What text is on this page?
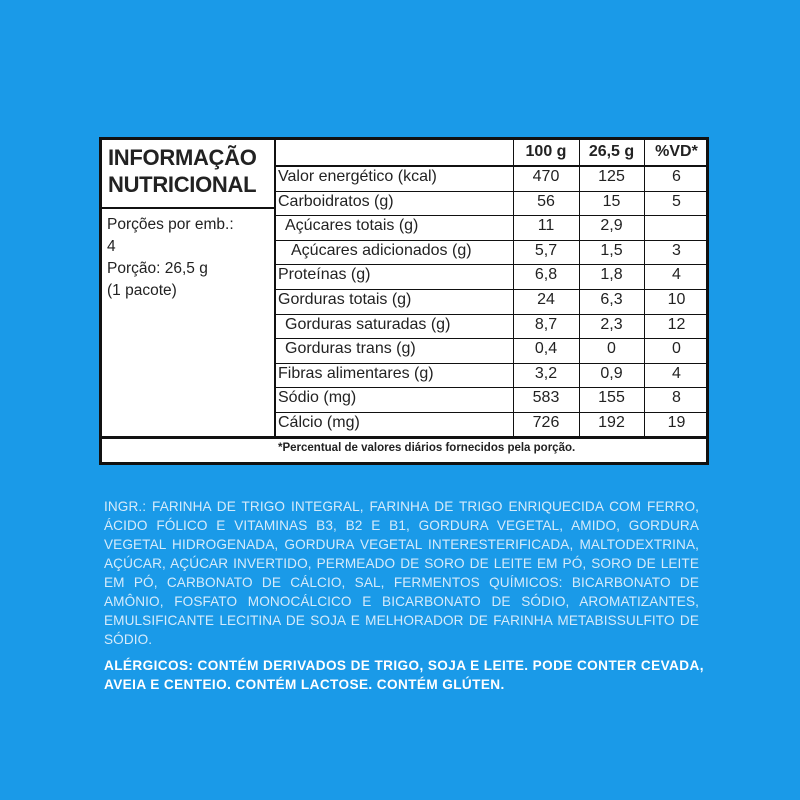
INFORMAÇÃO
NUTRICIONAL
Porções por emb.:
4
Porção: 26,5 g
(1 pacote)
100 g	26,5 g	%VD*
Valor energético (kcal)	470	125	6
Carboidratos (g)	56	15	5
Açúcares totais (g)	11	2,9
Açúcares adicionados (g)	5,7	1,5	3
Proteínas (g)	6,8	1,8	4
Gorduras totais (g)	24	6,3	10
Gorduras saturadas (g)	8,7	2,3	12
Gorduras trans (g)	0,4	0	0
Fibras alimentares (g)	3,2	0,9	4
Sódio (mg)	583	155	8
Cálcio (mg)	726	192	19
*Percentual de valores diários fornecidos pela porção.
INGR.: FARINHA DE TRIGO INTEGRAL, FARINHA DE TRIGO ENRIQUECIDA COM FERRO, ÁCIDO FÓLICO E VITAMINAS B3, B2 E B1, GORDURA VEGETAL, AMIDO, GORDURA VEGETAL HIDROGENADA, GORDURA VEGETAL INTERESTERIFICADA, MALTODEXTRINA, AÇÚCAR, AÇÚCAR INVERTIDO, PERMEADO DE SORO DE LEITE EM PÓ, SORO DE LEITE EM PÓ, CARBONATO DE CÁLCIO, SAL, FERMENTOS QUÍMICOS: BICARBONATO DE AMÔNIO, FOSFATO MONOCÁLCICO E BICARBONATO DE SÓDIO, AROMATIZANTES, EMULSIFICANTE LECITINA DE SOJA E MELHORADOR DE FARINHA METABISSULFITO DE SÓDIO.
ALÉRGICOS: CONTÉM DERIVADOS DE TRIGO, SOJA E LEITE. PODE CONTER CEVADA, AVEIA E CENTEIO. CONTÉM LACTOSE. CONTÉM GLÚTEN.
